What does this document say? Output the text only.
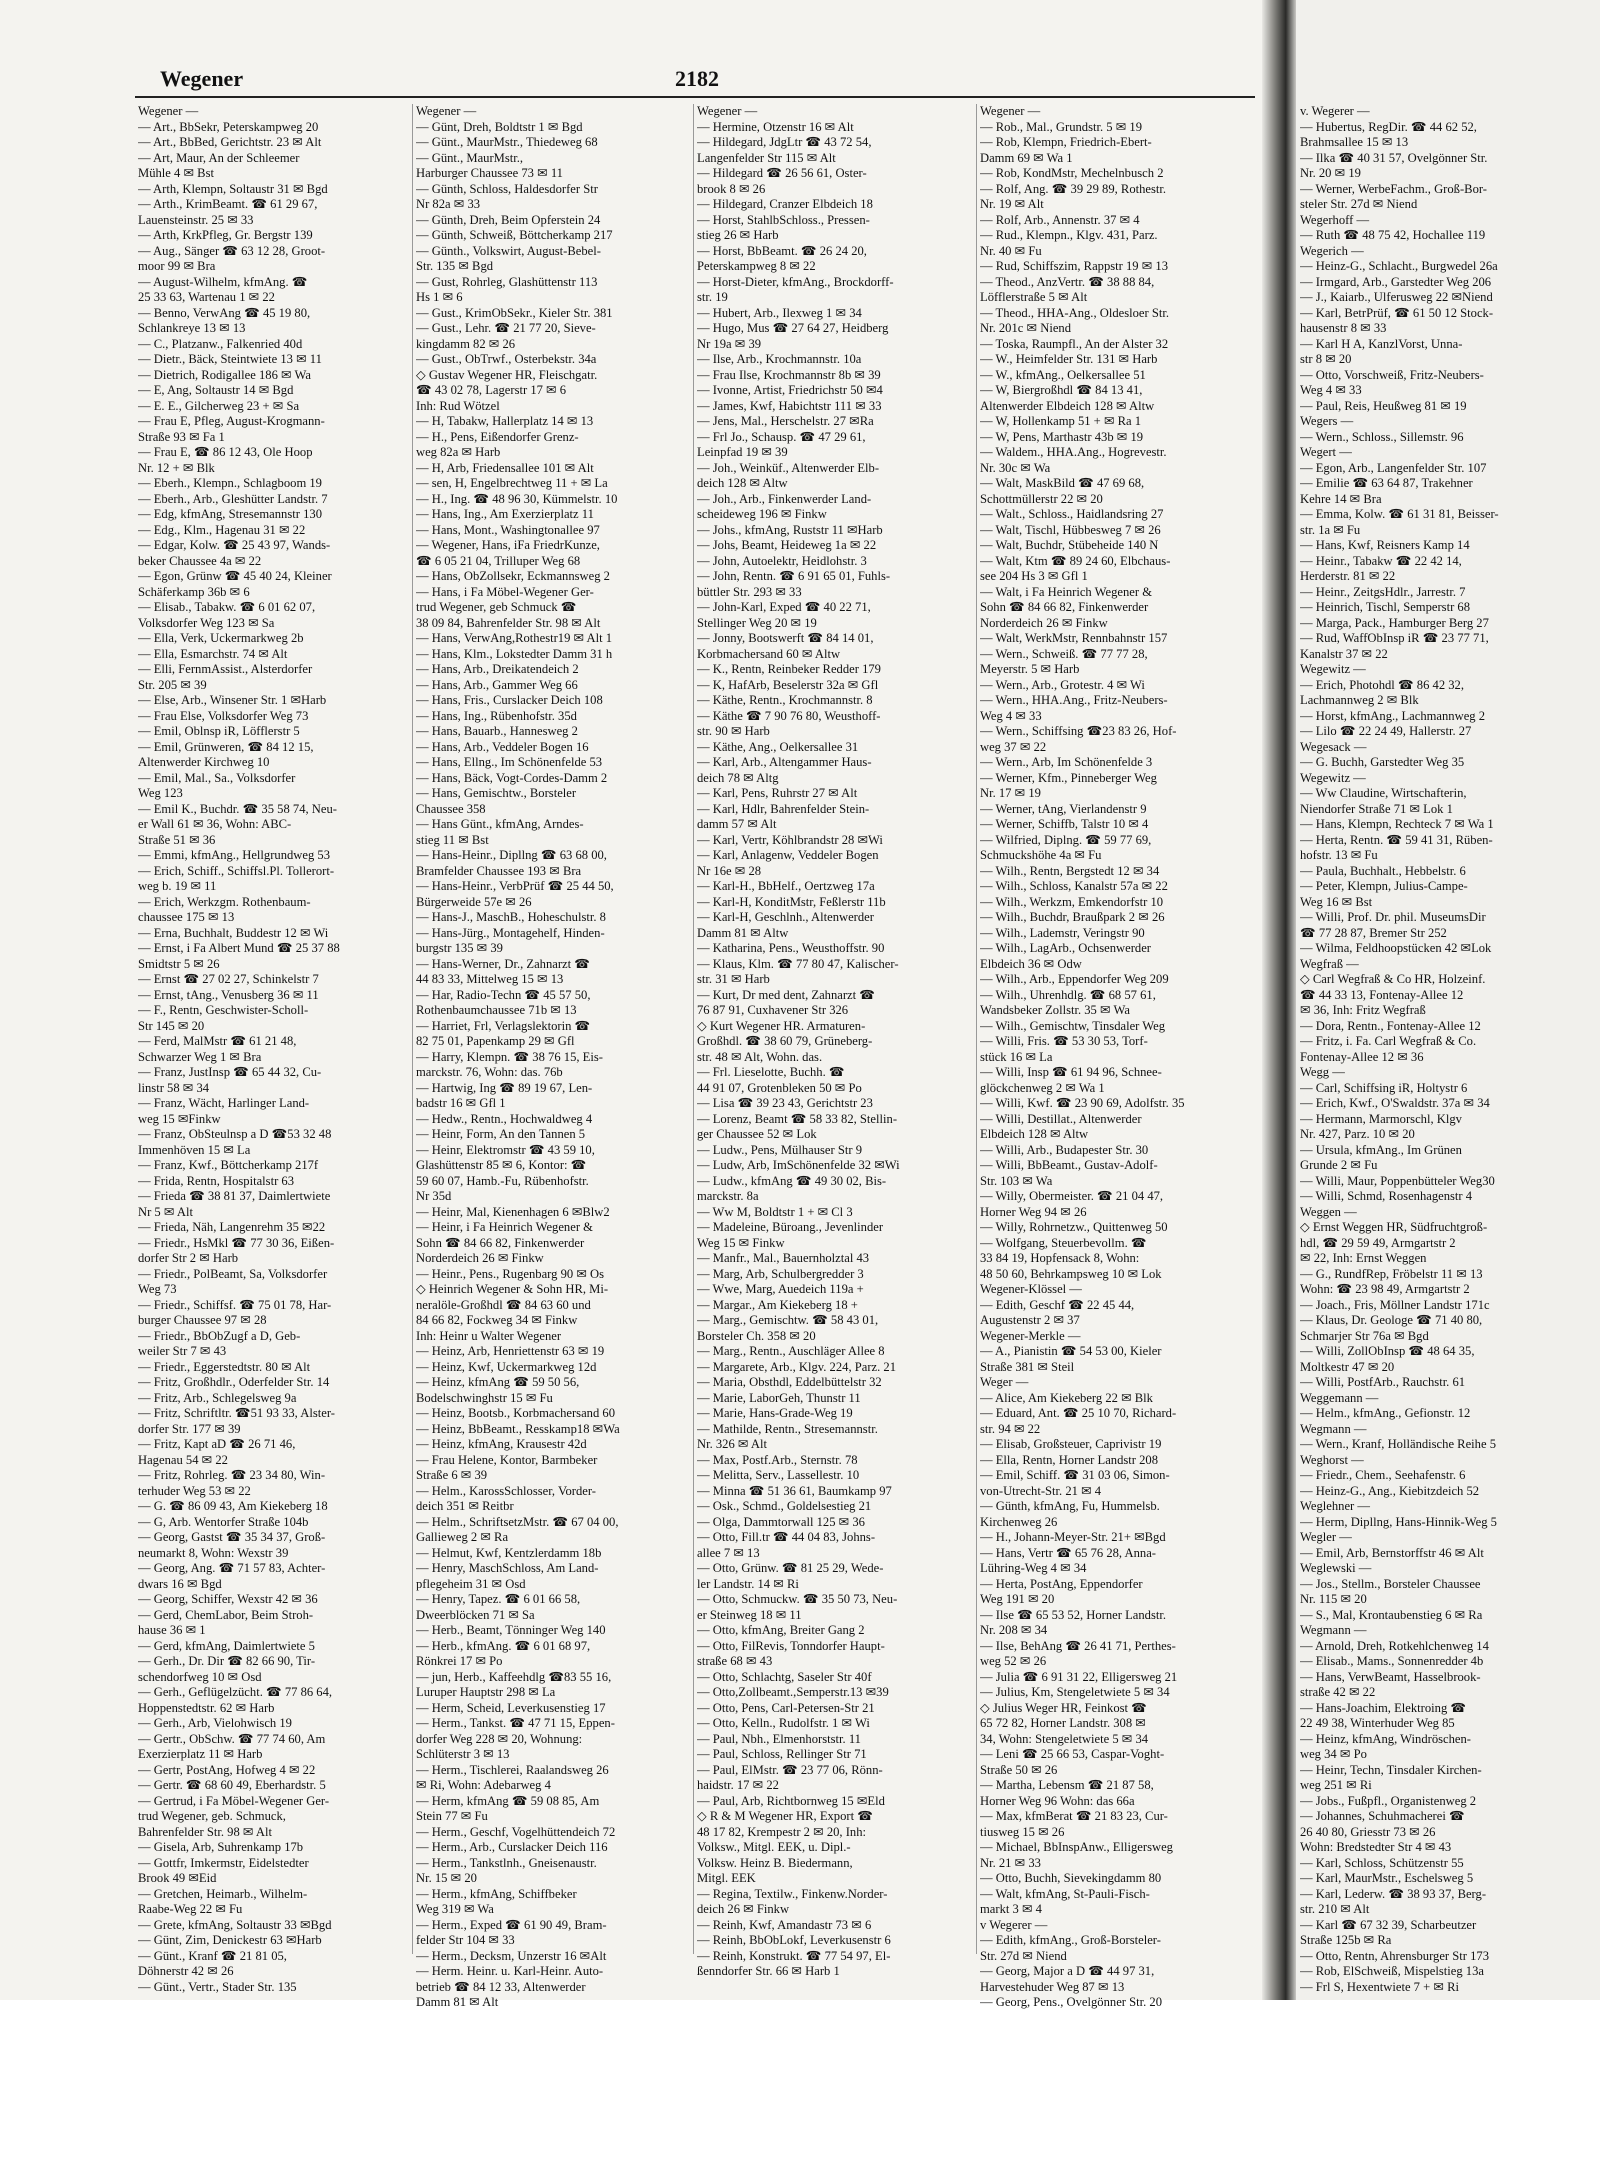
Wegener	2182
Wegener —
— Art., BbSekr, Peterskampweg 20
— Art., BbBed, Gerichtstr. 23 ✉ Alt
— Art, Maur, An der Schleemer
Mühle 4 ✉ Bst
— Arth, Klempn, Soltaustr 31 ✉ Bgd
— Arth., KrimBeamt. ☎ 61 29 67,
Lauensteinstr. 25 ✉ 33
— Arth, KrkPfleg, Gr. Bergstr 139
— Aug., Sänger ☎ 63 12 28, Groot-
moor 99 ✉ Bra
— August-Wilhelm, kfmAng. ☎
25 33 63, Wartenau 1 ✉ 22
— Benno, VerwAng ☎ 45 19 80,
Schlankreye 13 ✉ 13
— C., Platzanw., Falkenried 40d
— Dietr., Bäck, Steintwiete 13 ✉ 11
— Dietrich, Rodigallee 186 ✉ Wa
— E, Ang, Soltaustr 14 ✉ Bgd
— E. E., Gilcherweg 23 + ✉ Sa
— Frau E, Pfleg, August-Krogmann-
Straße 93 ✉ Fa 1
— Frau E, ☎ 86 12 43, Ole Hoop
Nr. 12 + ✉ Blk
— Eberh., Klempn., Schlagboom 19
— Eberh., Arb., Gleshütter Landstr. 7
— Edg, kfmAng, Stresemannstr 130
— Edg., Klm., Hagenau 31 ✉ 22
— Edgar, Kolw. ☎ 25 43 97, Wands-
beker Chaussee 4a ✉ 22
— Egon, Grünw ☎ 45 40 24, Kleiner
Schäferkamp 36b ✉ 6
— Elisab., Tabakw. ☎ 6 01 62 07,
Volksdorfer Weg 123 ✉ Sa
— Ella, Verk, Uckermarkweg 2b
— Ella, Esmarchstr. 74 ✉ Alt
— Elli, FernmAssist., Alsterdorfer
Str. 205 ✉ 39
— Else, Arb., Winsener Str. 1 ✉Harb
— Frau Else, Volksdorfer Weg 73
— Emil, Oblnsp iR, Löfflerstr 5
— Emil, Grünweren, ☎ 84 12 15,
Altenwerder Kirchweg 10
— Emil, Mal., Sa., Volksdorfer
Weg 123
— Emil K., Buchdr. ☎ 35 58 74, Neu-
er Wall 61 ✉ 36, Wohn: ABC-
Straße 51 ✉ 36
— Emmi, kfmAng., Hellgrundweg 53
— Erich, Schiff., Schiffsl.Pl. Tollerort-
weg b. 19 ✉ 11
— Erich, Werkzgm. Rothenbaum-
chaussee 175 ✉ 13
— Erna, Buchhalt, Buddestr 12 ✉ Wi
— Ernst, i Fa Albert Mund ☎ 25 37 88
Smidtstr 5 ✉ 26
— Ernst ☎ 27 02 27, Schinkelstr 7
— Ernst, tAng., Venusberg 36 ✉ 11
— F., Rentn, Geschwister-Scholl-
Str 145 ✉ 20
— Ferd, MalMstr ☎ 61 21 48,
Schwarzer Weg 1 ✉ Bra
— Franz, JustInsp ☎ 65 44 32, Cu-
linstr 58 ✉ 34
— Franz, Wächt, Harlinger Land-
weg 15 ✉Finkw
— Franz, ObSteulnsp a D ☎53 32 48
Immenhöven 15 ✉ La
— Franz, Kwf., Böttcherkamp 217f
— Frida, Rentn, Hospitalstr 63
— Frieda ☎ 38 81 37, Daimlertwiete
Nr 5 ✉ Alt
— Frieda, Näh, Langenrehm 35 ✉22
— Friedr., HsMkl ☎ 77 30 36, Eißen-
dorfer Str 2 ✉ Harb
— Friedr., PolBeamt, Sa, Volksdorfer
Weg 73
— Friedr., Schiffsf. ☎ 75 01 78, Har-
burger Chaussee 97 ✉ 28
— Friedr., BbObZugf a D, Geb-
weiler Str 7 ✉ 43
— Friedr., Eggerstedtstr. 80 ✉ Alt
— Fritz, Großhdlr., Oderfelder Str. 14
— Fritz, Arb., Schlegelsweg 9a
— Fritz, Schriftltr. ☎51 93 33, Alster-
dorfer Str. 177 ✉ 39
— Fritz, Kapt aD ☎ 26 71 46,
Hagenau 54 ✉ 22
— Fritz, Rohrleg. ☎ 23 34 80, Win-
terhuder Weg 53 ✉ 22
— G. ☎ 86 09 43, Am Kiekeberg 18
— G, Arb. Wentorfer Straße 104b
— Georg, Gastst ☎ 35 34 37, Groß-
neumarkt 8, Wohn: Wexstr 39
— Georg, Ang. ☎ 71 57 83, Achter-
dwars 16 ✉ Bgd
— Georg, Schiffer, Wexstr 42 ✉ 36
— Gerd, ChemLabor, Beim Stroh-
hause 36 ✉ 1
— Gerd, kfmAng, Daimlertwiete 5
— Gerh., Dr. Dir ☎ 82 66 90, Tir-
schendorfweg 10 ✉ Osd
— Gerh., Geflügelzücht. ☎ 77 86 64,
Hoppenstedtstr. 62 ✉ Harb
— Gerh., Arb, Vielohwisch 19
— Gertr., ObSchw. ☎ 77 74 60, Am
Exerzierplatz 11 ✉ Harb
— Gertr, PostAng, Hofweg 4 ✉ 22
— Gertr. ☎ 68 60 49, Eberhardstr. 5
— Gertrud, i Fa Möbel-Wegener Ger-
trud Wegener, geb. Schmuck,
Bahrenfelder Str. 98 ✉ Alt
— Gisela, Arb, Suhrenkamp 17b
— Gottfr, Imkermstr, Eidelstedter
Brook 49 ✉Eid
— Gretchen, Heimarb., Wilhelm-
Raabe-Weg 22 ✉ Fu
— Grete, kfmAng, Soltaustr 33 ✉Bgd
— Günt, Zim, Denickestr 63 ✉Harb
— Günt., Kranf ☎ 21 81 05,
Döhnerstr 42 ✉ 26
— Günt., Vertr., Stader Str. 135
Wegener —
— Günt, Dreh, Boldtstr 1 ✉ Bgd
— Günt., MaurMstr., Thiedeweg 68
— Günt., MaurMstr.,
Harburger Chaussee 73 ✉ 11
— Günth, Schloss, Haldesdorfer Str
Nr 82a ✉ 33
— Günth, Dreh, Beim Opferstein 24
— Günth, Schweiß, Böttcherkamp 217
— Günth., Volkswirt, August-Bebel-
Str. 135 ✉ Bgd
— Gust, Rohrleg, Glashüttenstr 113
Hs 1 ✉ 6
— Gust., KrimObSekr., Kieler Str. 381
— Gust., Lehr. ☎ 21 77 20, Sieve-
kingdamm 82 ✉ 26
— Gust., ObTrwf., Osterbekstr. 34a
◇ Gustav Wegener HR, Fleischgatr.
☎ 43 02 78, Lagerstr 17 ✉ 6
Inh: Rud Wötzel
— H, Tabakw, Hallerplatz 14 ✉ 13
— H., Pens, Eißendorfer Grenz-
weg 82a ✉ Harb
— H, Arb, Friedensallee 101 ✉ Alt
— sen, H, Engelbrechtweg 11 + ✉ La
— H., Ing. ☎ 48 96 30, Kümmelstr. 10
— Hans, Ing., Am Exerzierplatz 11
— Hans, Mont., Washingtonallee 97
— Wegener, Hans, iFa FriedrKunze,
☎ 6 05 21 04, Trilluper Weg 68
— Hans, ObZollsekr, Eckmannsweg 2
— Hans, i Fa Möbel-Wegener Ger-
trud Wegener, geb Schmuck ☎
38 09 84, Bahrenfelder Str. 98 ✉ Alt
— Hans, VerwAng,Rothestr19 ✉ Alt 1
— Hans, Klm., Lokstedter Damm 31 h
— Hans, Arb., Dreikatendeich 2
— Hans, Arb., Gammer Weg 66
— Hans, Fris., Curslacker Deich 108
— Hans, Ing., Rübenhofstr. 35d
— Hans, Bauarb., Hannesweg 2
— Hans, Arb., Veddeler Bogen 16
— Hans, Ellng., Im Schönenfelde 53
— Hans, Bäck, Vogt-Cordes-Damm 2
— Hans, Gemischtw., Borsteler
Chaussee 358
— Hans Günt., kfmAng, Arndes-
stieg 11 ✉ Bst
— Hans-Heinr., Dipllng ☎ 63 68 00,
Bramfelder Chaussee 193 ✉ Bra
— Hans-Heinr., VerbPrüf ☎ 25 44 50,
Bürgerweide 57e ✉ 26
— Hans-J., MaschB., Hoheschulstr. 8
— Hans-Jürg., Montagehelf, Hinden-
burgstr 135 ✉ 39
— Hans-Werner, Dr., Zahnarzt ☎
44 83 33, Mittelweg 15 ✉ 13
— Har, Radio-Techn ☎ 45 57 50,
Rothenbaumchaussee 71b ✉ 13
— Harriet, Frl, Verlagslektorin ☎
82 75 01, Papenkamp 29 ✉ Gfl
— Harry, Klempn. ☎ 38 76 15, Eis-
marckstr. 76, Wohn: das. 76b
— Hartwig, Ing ☎ 89 19 67, Len-
badstr 16 ✉ Gfl 1
— Hedw., Rentn., Hochwaldweg 4
— Heinr, Form, An den Tannen 5
— Heinr, Elektromstr ☎ 43 59 10,
Glashüttenstr 85 ✉ 6, Kontor: ☎
59 60 07, Hamb.-Fu, Rübenhofstr.
Nr 35d
— Heinr, Mal, Kienenhagen 6 ✉Blw2
— Heinr, i Fa Heinrich Wegener &
Sohn ☎ 84 66 82, Finkenwerder
Norderdeich 26 ✉ Finkw
— Heinr., Pens., Rugenbarg 90 ✉ Os
◇ Heinrich Wegener & Sohn HR, Mi-
neralöle-Großhdl ☎ 84 63 60 und
84 66 82, Fockweg 34 ✉ Finkw
Inh: Heinr u Walter Wegener
— Heinz, Arb, Henriettenstr 63 ✉ 19
— Heinz, Kwf, Uckermarkweg 12d
— Heinz, kfmAng ☎ 59 50 56,
Bodelschwinghstr 15 ✉ Fu
— Heinz, Bootsb., Korbmachersand 60
— Heinz, BbBeamt., Resskamp18 ✉Wa
— Heinz, kfmAng, Krausestr 42d
— Frau Helene, Kontor, Barmbeker
Straße 6 ✉ 39
— Helm., KarossSchlosser, Vorder-
deich 351 ✉ Reitbr
— Helm., SchriftsetzMstr. ☎ 67 04 00,
Gallieweg 2 ✉ Ra
— Helmut, Kwf, Kentzlerdamm 18b
— Henry, MaschSchloss, Am Land-
pflegeheim 31 ✉ Osd
— Henry, Tapez. ☎ 6 01 66 58,
Dweerblöcken 71 ✉ Sa
— Herb., Beamt, Tönninger Weg 140
— Herb., kfmAng. ☎ 6 01 68 97,
Rönkrei 17 ✉ Po
— jun, Herb., Kaffeehdlg ☎83 55 16,
Luruper Hauptstr 298 ✉ La
— Herm, Scheid, Leverkusenstieg 17
— Herm., Tankst. ☎ 47 71 15, Eppen-
dorfer Weg 228 ✉ 20, Wohnung:
Schlüterstr 3 ✉ 13
— Herm., Tischlerei, Raalandsweg 26
✉ Ri, Wohn: Adebarweg 4
— Herm, kfmAng ☎ 59 08 85, Am
Stein 77 ✉ Fu
— Herm., Geschf, Vogelhüttendeich 72
— Herm., Arb., Curslacker Deich 116
— Herm., Tankstlnh., Gneisenaustr.
Nr. 15 ✉ 20
— Herm., kfmAng, Schiffbeker
Weg 319 ✉ Wa
— Herm., Exped ☎ 61 90 49, Bram-
felder Str 104 ✉ 33
— Herm., Decksm, Unzerstr 16 ✉Alt
— Herm. Heinr. u. Karl-Heinr. Auto-
betrieb ☎ 84 12 33, Altenwerder
Damm 81 ✉ Alt
Wegener —
— Hermine, Otzenstr 16 ✉ Alt
— Hildegard, JdgLtr ☎ 43 72 54,
Langenfelder Str 115 ✉ Alt
— Hildegard ☎ 26 56 61, Oster-
brook 8 ✉ 26
— Hildegard, Cranzer Elbdeich 18
— Horst, StahlbSchloss., Pressen-
stieg 26 ✉ Harb
— Horst, BbBeamt. ☎ 26 24 20,
Peterskampweg 8 ✉ 22
— Horst-Dieter, kfmAng., Brockdorff-
str. 19
— Hubert, Arb., Ilexweg 1 ✉ 34
— Hugo, Mus ☎ 27 64 27, Heidberg
Nr 19a ✉ 39
— Ilse, Arb., Krochmannstr. 10a
— Frau Ilse, Krochmannstr 8b ✉ 39
— Ivonne, Artist, Friedrichstr 50 ✉4
— James, Kwf, Habichtstr 111 ✉ 33
— Jens, Mal., Herschelstr. 27 ✉Ra
— Frl Jo., Schausp. ☎ 47 29 61,
Leinpfad 19 ✉ 39
— Joh., Weinküf., Altenwerder Elb-
deich 128 ✉ Altw
— Joh., Arb., Finkenwerder Land-
scheideweg 196 ✉ Finkw
— Johs., kfmAng, Ruststr 11 ✉Harb
— Johs, Beamt, Heideweg 1a ✉ 22
— John, Autoelektr, Heidlohstr. 3
— John, Rentn. ☎ 6 91 65 01, Fuhls-
büttler Str. 293 ✉ 33
— John-Karl, Exped ☎ 40 22 71,
Stellinger Weg 20 ✉ 19
— Jonny, Bootswerft ☎ 84 14 01,
Korbmachersand 60 ✉ Altw
— K., Rentn, Reinbeker Redder 179
— K, HafArb, Beselerstr 32a ✉ Gfl
— Käthe, Rentn., Krochmannstr. 8
— Käthe ☎ 7 90 76 80, Weusthoff-
str. 90 ✉ Harb
— Käthe, Ang., Oelkersallee 31
— Karl, Arb., Altengammer Haus-
deich 78 ✉ Altg
— Karl, Pens, Ruhrstr 27 ✉ Alt
— Karl, Hdlr, Bahrenfelder Stein-
damm 57 ✉ Alt
— Karl, Vertr, Köhlbrandstr 28 ✉Wi
— Karl, Anlagenw, Veddeler Bogen
Nr 16e ✉ 28
— Karl-H., BbHelf., Oertzweg 17a
— Karl-H, KonditMstr, Feßlerstr 11b
— Karl-H, Geschlnh., Altenwerder
Damm 81 ✉ Altw
— Katharina, Pens., Weusthoffstr. 90
— Klaus, Klm. ☎ 77 80 47, Kalischer-
str. 31 ✉ Harb
— Kurt, Dr med dent, Zahnarzt ☎
76 87 91, Cuxhavener Str 326
◇ Kurt Wegener HR. Armaturen-
Großhdl. ☎ 38 60 79, Grüneberg-
str. 48 ✉ Alt, Wohn. das.
— Frl. Lieselotte, Buchh. ☎
44 91 07, Grotenbleken 50 ✉ Po
— Lisa ☎ 39 23 43, Gerichtstr 23
— Lorenz, Beamt ☎ 58 33 82, Stellin-
ger Chaussee 52 ✉ Lok
— Ludw., Pens, Mülhauser Str 9
— Ludw, Arb, ImSchönenfelde 32 ✉Wi
— Ludw., kfmAng ☎ 49 30 02, Bis-
marckstr. 8a
— Ww M, Boldtstr 1 + ✉ Cl 3
— Madeleine, Büroang., Jevenlinder
Weg 15 ✉ Finkw
— Manfr., Mal., Bauernholztal 43
— Marg, Arb, Schulbergredder 3
— Wwe, Marg, Auedeich 119a +
— Margar., Am Kiekeberg 18 +
— Marg., Gemischtw. ☎ 58 43 01,
Borsteler Ch. 358 ✉ 20
— Marg., Rentn., Auschläger Allee 8
— Margarete, Arb., Klgv. 224, Parz. 21
— Maria, Obsthdl, Eddelbüttelstr 32
— Marie, LaborGeh, Thunstr 11
— Marie, Hans-Grade-Weg 19
— Mathilde, Rentn., Stresemannstr.
Nr. 326 ✉ Alt
— Max, Postf.Arb., Sternstr. 78
— Melitta, Serv., Lassellestr. 10
— Minna ☎ 51 36 61, Baumkamp 97
— Osk., Schmd., Goldelsestieg 21
— Olga, Dammtorwall 125 ✉ 36
— Otto, Fill.tr ☎ 44 04 83, Johns-
allee 7 ✉ 13
— Otto, Grünw. ☎ 81 25 29, Wede-
ler Landstr. 14 ✉ Ri
— Otto, Schmuckw. ☎ 35 50 73, Neu-
er Steinweg 18 ✉ 11
— Otto, kfmAng, Breiter Gang 2
— Otto, FilRevis, Tonndorfer Haupt-
straße 68 ✉ 43
— Otto, Schlachtg, Saseler Str 40f
— Otto,Zollbeamt.,Semperstr.13 ✉39
— Otto, Pens, Carl-Petersen-Str 21
— Otto, Kelln., Rudolfstr. 1 ✉ Wi
— Paul, Nbh., Elmenhorststr. 11
— Paul, Schloss, Rellinger Str 71
— Paul, ElMstr. ☎ 23 77 06, Rönn-
haidstr. 17 ✉ 22
— Paul, Arb, Richtbornweg 15 ✉Eld
◇ R & M Wegener HR, Export ☎
48 17 82, Krempestr 2 ✉ 20, Inh:
Volksw., Mitgl. EEK, u. Dipl.-
Volksw. Heinz B. Biedermann,
Mitgl. EEK
— Regina, Textilw., Finkenw.Norder-
deich 26 ✉ Finkw
— Reinh, Kwf, Amandastr 73 ✉ 6
— Reinh, BbObLokf, Leverkusenstr 6
— Reinh, Konstrukt. ☎ 77 54 97, El-
ßenndorfer Str. 66 ✉ Harb 1
Wegener —
— Rob., Mal., Grundstr. 5 ✉ 19
— Rob, Klempn, Friedrich-Ebert-
Damm 69 ✉ Wa 1
— Rob, KondMstr, Mechelnbusch 2
— Rolf, Ang. ☎ 39 29 89, Rothestr.
Nr. 19 ✉ Alt
— Rolf, Arb., Annenstr. 37 ✉ 4
— Rud., Klempn., Klgv. 431, Parz.
Nr. 40 ✉ Fu
— Rud, Schiffszim, Rappstr 19 ✉ 13
— Theod., AnzVertr. ☎ 38 88 84,
Löfflerstraße 5 ✉ Alt
— Theod., HHA-Ang., Oldesloer Str.
Nr. 201c ✉ Niend
— Toska, Raumpfl., An der Alster 32
— W., Heimfelder Str. 131 ✉ Harb
— W., kfmAng., Oelkersallee 51
— W, Biergroßhdl ☎ 84 13 41,
Altenwerder Elbdeich 128 ✉ Altw
— W, Hollenkamp 51 + ✉ Ra 1
— W, Pens, Marthastr 43b ✉ 19
— Waldem., HHA.Ang., Hogrevestr.
Nr. 30c ✉ Wa
— Walt, MaskBild ☎ 47 69 68,
Schottmüllerstr 22 ✉ 20
— Walt., Schloss., Haidlandsring 27
— Walt, Tischl, Hübbesweg 7 ✉ 26
— Walt, Buchdr, Stübeheide 140 N
— Walt, Ktm ☎ 89 24 60, Elbchaus-
see 204 Hs 3 ✉ Gfl 1
— Walt, i Fa Heinrich Wegener &
Sohn ☎ 84 66 82, Finkenwerder
Norderdeich 26 ✉ Finkw
— Walt, WerkMstr, Rennbahnstr 157
— Wern., Schweiß. ☎ 77 77 28,
Meyerstr. 5 ✉ Harb
— Wern., Arb., Grotestr. 4 ✉ Wi
— Wern., HHA.Ang., Fritz-Neubers-
Weg 4 ✉ 33
— Wern., Schiffsing ☎23 83 26, Hof-
weg 37 ✉ 22
— Wern., Arb, Im Schönenfelde 3
— Werner, Kfm., Pinneberger Weg
Nr. 17 ✉ 19
— Werner, tAng, Vierlandenstr 9
— Werner, Schiffb, Talstr 10 ✉ 4
— Wilfried, Diplng. ☎ 59 77 69,
Schmuckshöhe 4a ✉ Fu
— Wilh., Rentn, Bergstedt 12 ✉ 34
— Wilh., Schloss, Kanalstr 57a ✉ 22
— Wilh., Werkzm, Emkendorfstr 10
— Wilh., Buchdr, Braußpark 2 ✉ 26
— Wilh., Lademstr, Veringstr 90
— Wilh., LagArb., Ochsenwerder
Elbdeich 36 ✉ Odw
— Wilh., Arb., Eppendorfer Weg 209
— Wilh., Uhrenhdlg. ☎ 68 57 61,
Wandsbeker Zollstr. 35 ✉ Wa
— Wilh., Gemischtw, Tinsdaler Weg
— Willi, Fris. ☎ 53 30 53, Torf-
stück 16 ✉ La
— Willi, Insp ☎ 61 94 96, Schnee-
glöckchenweg 2 ✉ Wa 1
— Willi, Kwf. ☎ 23 90 69, Adolfstr. 35
— Willi, Destillat., Altenwerder
Elbdeich 128 ✉ Altw
— Willi, Arb., Budapester Str. 30
— Willi, BbBeamt., Gustav-Adolf-
Str. 103 ✉ Wa
— Willy, Obermeister. ☎ 21 04 47,
Horner Weg 94 ✉ 26
— Willy, Rohrnetzw., Quittenweg 50
— Wolfgang, Steuerbevollm. ☎
33 84 19, Hopfensack 8, Wohn:
48 50 60, Behrkampsweg 10 ✉ Lok
Wegener-Klössel —
— Edith, Geschf ☎ 22 45 44,
Augustenstr 2 ✉ 37
Wegener-Merkle —
— A., Pianistin ☎ 54 53 00, Kieler
Straße 381 ✉ Steil
Weger —
— Alice, Am Kiekeberg 22 ✉ Blk
— Eduard, Ant. ☎ 25 10 70, Richard-
str. 94 ✉ 22
— Elisab, Großsteuer, Caprivistr 19
— Ella, Rentn, Horner Landstr 208
— Emil, Schiff. ☎ 31 03 06, Simon-
von-Utrecht-Str. 21 ✉ 4
— Günth, kfmAng, Fu, Hummelsb.
Kirchenweg 26
— H., Johann-Meyer-Str. 21+ ✉Bgd
— Hans, Vertr ☎ 65 76 28, Anna-
Lühring-Weg 4 ✉ 34
— Herta, PostAng, Eppendorfer
Weg 191 ✉ 20
— Ilse ☎ 65 53 52, Horner Landstr.
Nr. 208 ✉ 34
— Ilse, BehAng ☎ 26 41 71, Perthes-
weg 52 ✉ 26
— Julia ☎ 6 91 31 22, Elligersweg 21
— Julius, Km, Stengeletwiete 5 ✉ 34
◇ Julius Weger HR, Feinkost ☎
65 72 82, Horner Landstr. 308 ✉
34, Wohn: Stengeletwiete 5 ✉ 34
— Leni ☎ 25 66 53, Caspar-Voght-
Straße 50 ✉ 26
— Martha, Lebensm ☎ 21 87 58,
Horner Weg 96 Wohn: das 66a
— Max, kfmBerat ☎ 21 83 23, Cur-
tiusweg 15 ✉ 26
— Michael, BbInspAnw., Elligersweg
Nr. 21 ✉ 33
— Otto, Buchh, Sievekingdamm 80
— Walt, kfmAng, St-Pauli-Fisch-
markt 3 ✉ 4
v Wegerer —
— Edith, kfmAng., Groß-Borsteler-
Str. 27d ✉ Niend
— Georg, Major a D ☎ 44 97 31,
Harvestehuder Weg 87 ✉ 13
— Georg, Pens., Ovelgönner Str. 20
v. Wegerer —
— Hubertus, RegDir. ☎ 44 62 52,
Brahmsallee 15 ✉ 13
— Ilka ☎ 40 31 57, Ovelgönner Str.
Nr. 20 ✉ 19
— Werner, WerbeFachm., Groß-Bor-
steler Str. 27d ✉ Niend
Wegerhoff —
— Ruth ☎ 48 75 42, Hochallee 119
Wegerich —
— Heinz-G., Schlacht., Burgwedel 26a
— Irmgard, Arb., Garstedter Weg 206
— J., Kaiarb., Ulferusweg 22 ✉Niend
— Karl, BetrPrüf, ☎ 61 50 12 Stock-
hausenstr 8 ✉ 33
— Karl H A, KanzlVorst, Unna-
str 8 ✉ 20
— Otto, Vorschweiß, Fritz-Neubers-
Weg 4 ✉ 33
— Paul, Reis, Heußweg 81 ✉ 19
Wegers —
— Wern., Schloss., Sillemstr. 96
Wegert —
— Egon, Arb., Langenfelder Str. 107
— Emilie ☎ 63 64 87, Trakehner
Kehre 14 ✉ Bra
— Emma, Kolw. ☎ 61 31 81, Beisser-
str. 1a ✉ Fu
— Hans, Kwf, Reisners Kamp 14
— Heinr., Tabakw ☎ 22 42 14,
Herderstr. 81 ✉ 22
— Heinr., ZeitgsHdlr., Jarrestr. 7
— Heinrich, Tischl, Semperstr 68
— Marga, Pack., Hamburger Berg 27
— Rud, WaffObInsp iR ☎ 23 77 71,
Kanalstr 37 ✉ 22
Wegewitz —
— Erich, Photohdl ☎ 86 42 32,
Lachmannweg 2 ✉ Blk
— Horst, kfmAng., Lachmannweg 2
— Lilo ☎ 22 24 49, Hallerstr. 27
Wegesack —
— G. Buchh, Garstedter Weg 35
Wegewitz —
— Ww Claudine, Wirtschafterin,
Niendorfer Straße 71 ✉ Lok 1
— Hans, Klempn, Rechteck 7 ✉ Wa 1
— Herta, Rentn. ☎ 59 41 31, Rüben-
hofstr. 13 ✉ Fu
— Paula, Buchhalt., Hebbelstr. 6
— Peter, Klempn, Julius-Campe-
Weg 16 ✉ Bst
— Willi, Prof. Dr. phil. MuseumsDir
☎ 77 28 87, Bremer Str 252
— Wilma, Feldhoopstücken 42 ✉Lok
Wegfraß —
◇ Carl Wegfraß & Co HR, Holzeinf.
☎ 44 33 13, Fontenay-Allee 12
✉ 36, Inh: Fritz Wegfraß
— Dora, Rentn., Fontenay-Allee 12
— Fritz, i. Fa. Carl Wegfraß & Co.
Fontenay-Allee 12 ✉ 36
Wegg —
— Carl, Schiffsing iR, Holtystr 6
— Erich, Kwf., O'Swaldstr. 37a ✉ 34
— Hermann, Marmorschl, Klgv
Nr. 427, Parz. 10 ✉ 20
— Ursula, kfmAng., Im Grünen
Grunde 2 ✉ Fu
— Willi, Maur, Poppenbütteler Weg30
— Willi, Schmd, Rosenhagenstr 4
Weggen —
◇ Ernst Weggen HR, Südfruchtgroß-
hdl, ☎ 29 59 49, Armgartstr 2
✉ 22, Inh: Ernst Weggen
— G., RundfRep, Fröbelstr 11 ✉ 13
Wohn: ☎ 23 98 49, Armgartstr 2
— Joach., Fris, Möllner Landstr 171c
— Klaus, Dr. Geologe ☎ 71 40 80,
Schmarjer Str 76a ✉ Bgd
— Willi, ZollObInsp ☎ 48 64 35,
Moltkestr 47 ✉ 20
— Willi, PostfArb., Rauchstr. 61
Weggemann —
— Helm., kfmAng., Gefionstr. 12
Wegmann —
— Wern., Kranf, Holländische Reihe 5
Weghorst —
— Friedr., Chem., Seehafenstr. 6
— Heinz-G., Ang., Kiebitzdeich 52
Weglehner —
— Herm, Dipllng, Hans-Hinnik-Weg 5
Wegler —
— Emil, Arb, Bernstorffstr 46 ✉ Alt
Weglewski —
— Jos., Stellm., Borsteler Chaussee
Nr. 115 ✉ 20
— S., Mal, Krontaubenstieg 6 ✉ Ra
Wegmann —
— Arnold, Dreh, Rotkehlchenweg 14
— Elisab., Mams., Sonnenredder 4b
— Hans, VerwBeamt, Hasselbrook-
straße 42 ✉ 22
— Hans-Joachim, Elektroing ☎
22 49 38, Winterhuder Weg 85
— Heinz, kfmAng, Windröschen-
weg 34 ✉ Po
— Heinr, Techn, Tinsdaler Kirchen-
weg 251 ✉ Ri
— Jobs., Fußpfl., Organistenweg 2
— Johannes, Schuhmacherei ☎
26 40 80, Griesstr 73 ✉ 26
Wohn: Bredstedter Str 4 ✉ 43
— Karl, Schloss, Schützenstr 55
— Karl, MaurMstr., Eschelsweg 5
— Karl, Lederw. ☎ 38 93 37, Berg-
str. 210 ✉ Alt
— Karl ☎ 67 32 39, Scharbeutzer
Straße 125b ✉ Ra
— Otto, Rentn, Ahrensburger Str 173
— Rob, ElSchweiß, Mispelstieg 13a
— Frl S, Hexentwiete 7 + ✉ Ri
